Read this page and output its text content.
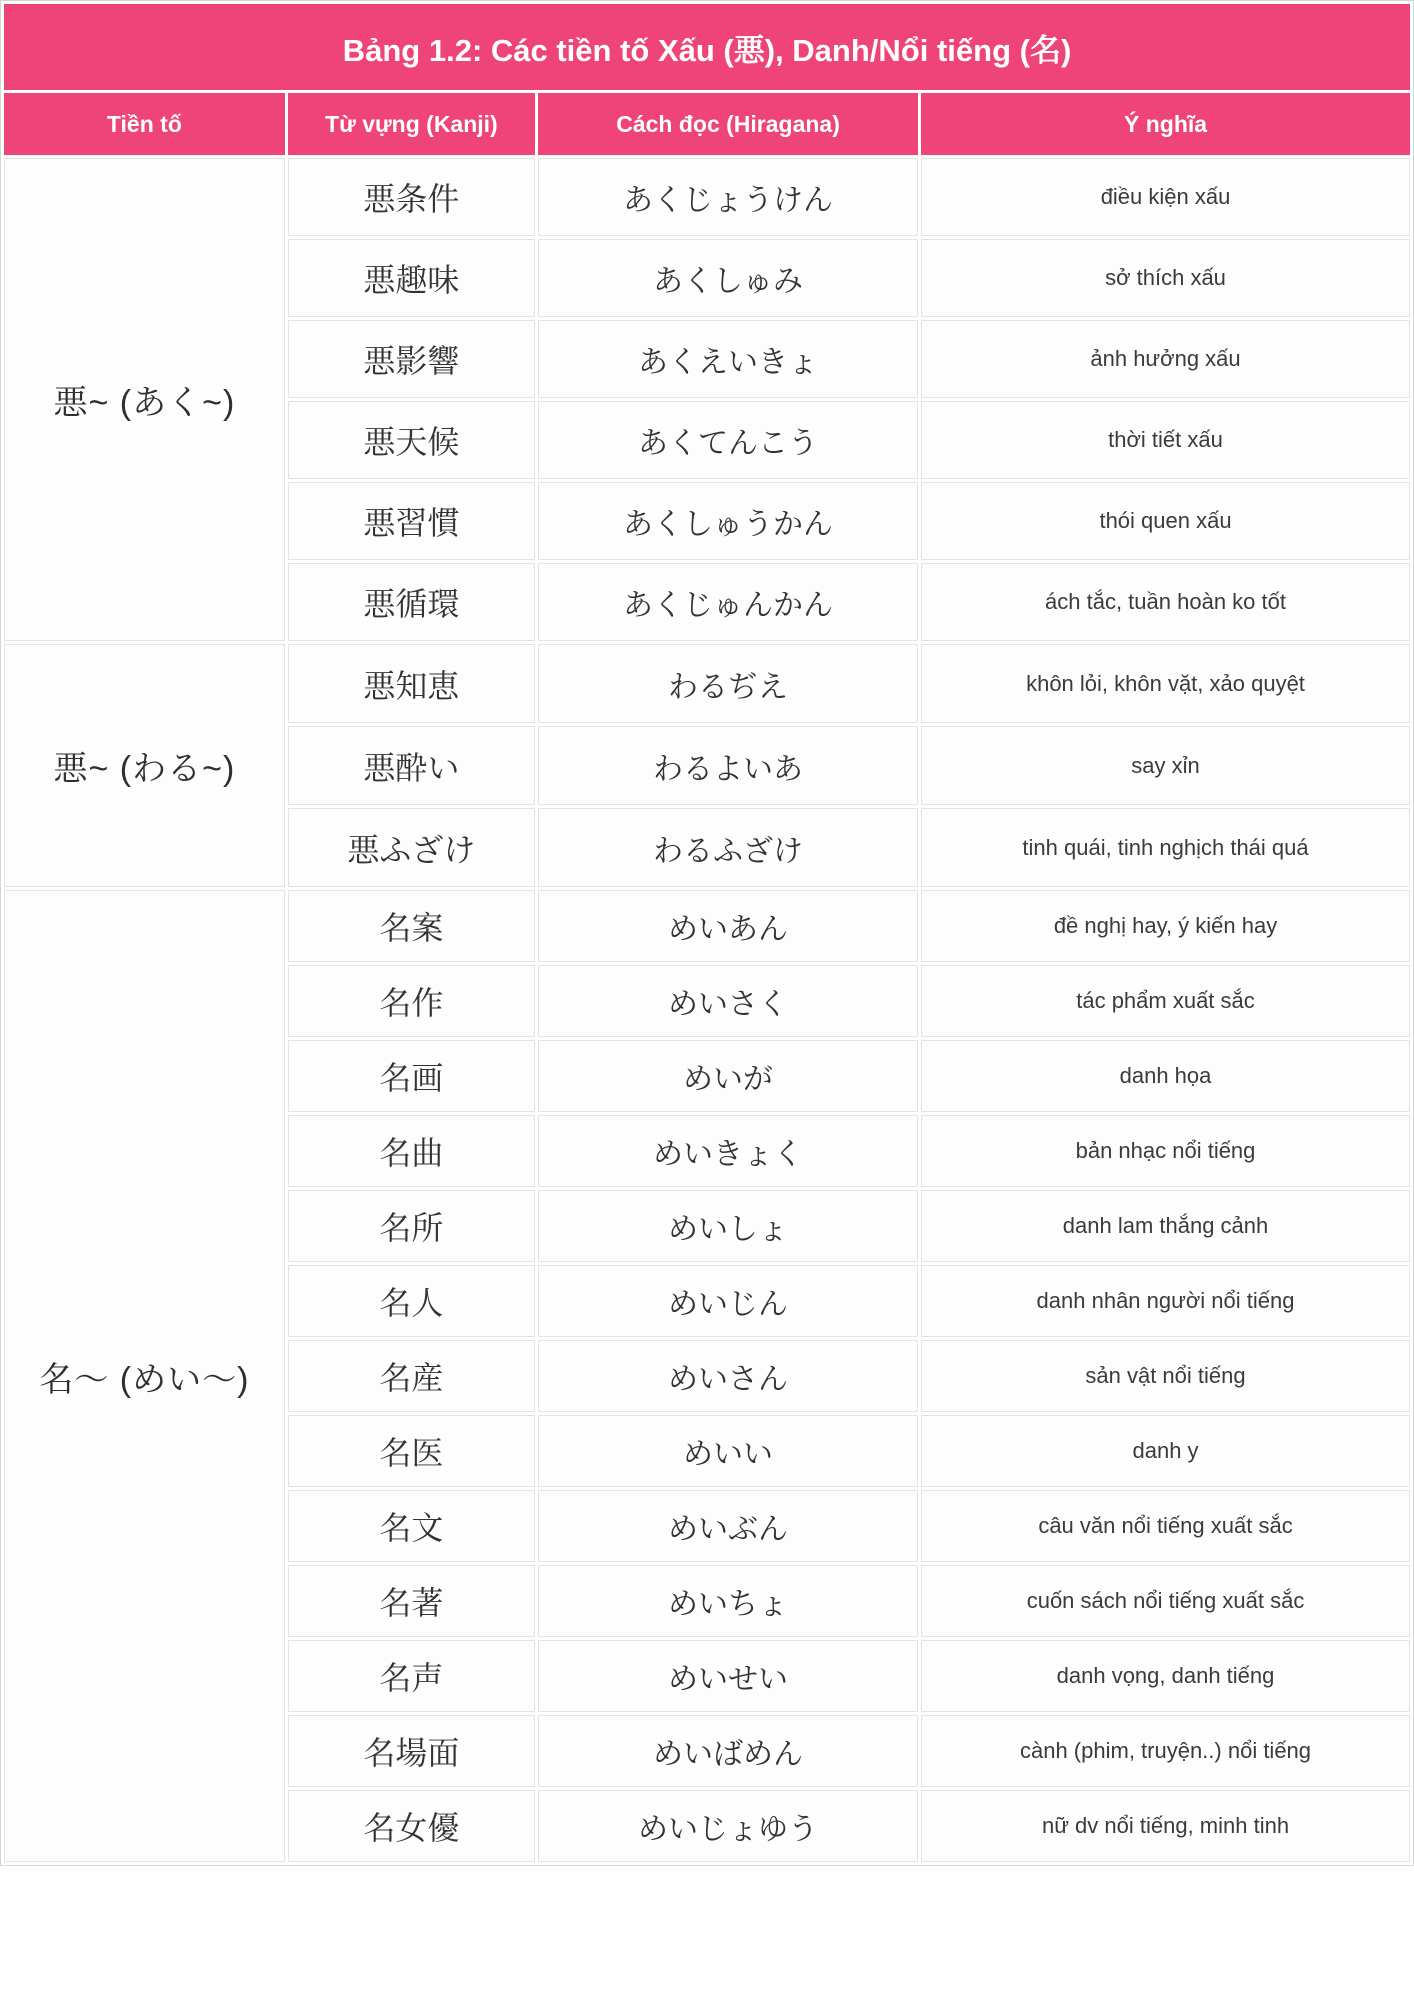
Bảng 1.2: Các tiền tố Xấu (悪), Danh/Nổi tiếng (名)			
Tiền tố	Từ vựng (Kanji)	Cách đọc (Hiragana)	Ý nghĩa
悪~ (あく~)	悪条件	あくじょうけん	điều kiện xấu
	悪趣味	あくしゅみ	sở thích xấu
	悪影響	あくえいきょ	ảnh hưởng xấu
	悪天候	あくてんこう	thời tiết xấu
	悪習慣	あくしゅうかん	thói quen xấu
	悪循環	あくじゅんかん	ách tắc, tuần hoàn ko tốt
悪~ (わる~)	悪知恵	わるぢえ	khôn lỏi, khôn vặt, xảo quyệt
	悪酔い	わるよいあ	say xỉn
	悪ふざけ	わるふざけ	tinh quái, tinh nghịch thái quá
名〜 (めい〜)	名案	めいあん	đề nghị hay, ý kiến hay
	名作	めいさく	tác phẩm xuất sắc
	名画	めいが	danh họa
	名曲	めいきょく	bản nhạc nổi tiếng
	名所	めいしょ	danh lam thắng cảnh
	名人	めいじん	danh nhân người nổi tiếng
	名産	めいさん	sản vật nổi tiếng
	名医	めいい	danh y
	名文	めいぶん	câu văn nổi tiếng xuất sắc
	名著	めいちょ	cuốn sách nổi tiếng xuất sắc
	名声	めいせい	danh vọng, danh tiếng
	名場面	めいばめん	cành (phim, truyện..) nổi tiếng
	名女優	めいじょゆう	nữ dv nổi tiếng, minh tinh
